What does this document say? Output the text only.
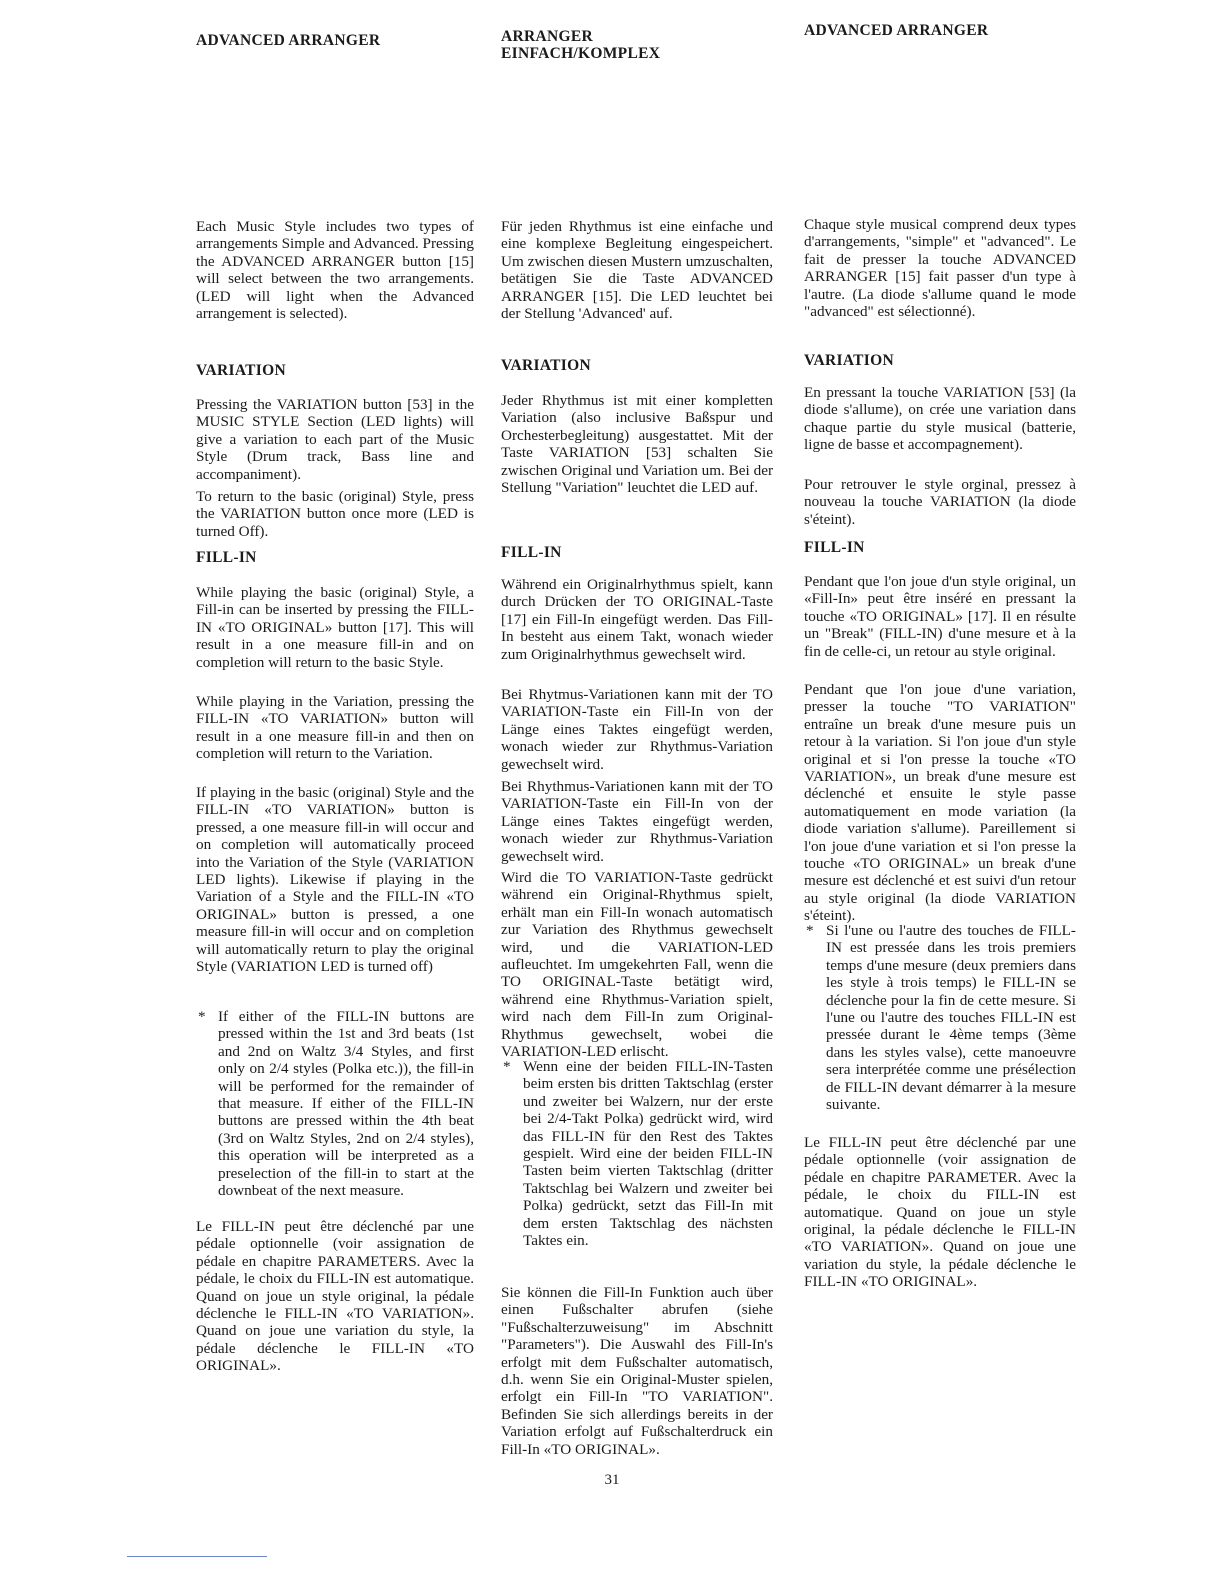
ADVANCED ARRANGER
Each Music Style includes two types of arrangements Simple and Advanced. Pressing the ADVANCED ARRANGER button [15] will select between the two arrangements. (LED will light when the Advanced arrangement is selected).
VARIATION
Pressing the VARIATION button [53] in the MUSIC STYLE Section (LED lights) will give a variation to each part of the Music Style (Drum track, Bass line and accompaniment).
To return to the basic (original) Style, press the VARIATION button once more (LED is turned Off).
FILL-IN
While playing the basic (original) Style, a Fill-in can be inserted by pressing the FILL-IN «TO ORIGINAL» button [17]. This will result in a one measure fill-in and on completion will return to the basic Style.
While playing in the Variation, pressing the FILL-IN «TO VARIATION» button will result in a one measure fill-in and then on completion will return to the Variation.
If playing in the basic (original) Style and the FILL-IN «TO VARIATION» button is pressed, a one measure fill-in will occur and on completion will automatically proceed into the Variation of the Style (VARIATION LED lights). Likewise if playing in the Variation of a Style and the FILL-IN «TO ORIGINAL» button is pressed, a one measure fill-in will occur and on completion will automatically return to play the original Style (VARIATION LED is turned off)
* If either of the FILL-IN buttons are pressed within the 1st and 3rd beats (1st and 2nd on Waltz 3/4 Styles, and first only on 2/4 styles (Polka etc.)), the fill-in will be performed for the remainder of that measure. If either of the FILL-IN buttons are pressed within the 4th beat (3rd on Waltz Styles, 2nd on 2/4 styles), this operation will be interpreted as a preselection of the fill-in to start at the downbeat of the next measure.
Le FILL-IN peut être déclenché par une pédale optionnelle (voir assignation de pédale en chapitre PARAMETERS. Avec la pédale, le choix du FILL-IN est automatique. Quand on joue un style original, la pédale déclenche le FILL-IN «TO VARIATION». Quand on joue une variation du style, la pédale déclenche le FILL-IN «TO ORIGINAL».
ARRANGER EINFACH/KOMPLEX
Für jeden Rhythmus ist eine einfache und eine komplexe Begleitung eingespeichert. Um zwischen diesen Mustern umzuschalten, betätigen Sie die Taste ADVANCED ARRANGER [15]. Die LED leuchtet bei der Stellung 'Advanced' auf.
VARIATION
Jeder Rhythmus ist mit einer kompletten Variation (also inclusive Baßspur und Orchesterbegleitung) ausgestattet. Mit der Taste VARIATION [53] schalten Sie zwischen Original und Variation um. Bei der Stellung "Variation" leuchtet die LED auf.
FILL-IN
Während ein Originalrhythmus spielt, kann durch Drücken der TO ORIGINAL-Taste [17] ein Fill-In eingefügt werden. Das Fill-In besteht aus einem Takt, wonach wieder zum Originalrhythmus gewechselt wird.
Bei Rhytmus-Variationen kann mit der TO VARIATION-Taste ein Fill-In von der Länge eines Taktes eingefügt werden, wonach wieder zur Rhythmus-Variation gewechselt wird.
Bei Rhythmus-Variationen kann mit der TO VARIATION-Taste ein Fill-In von der Länge eines Taktes eingefügt werden, wonach wieder zur Rhythmus-Variation gewechselt wird.
Wird die TO VARIATION-Taste gedrückt während ein Original-Rhythmus spielt, erhält man ein Fill-In wonach automatisch zur Variation des Rhythmus gewechselt wird, und die VARIATION-LED aufleuchtet. Im umgekehrten Fall, wenn die TO ORIGINAL-Taste betätigt wird, während eine Rhythmus-Variation spielt, wird nach dem Fill-In zum Original-Rhythmus gewechselt, wobei die VARIATION-LED erlischt.
* Wenn eine der beiden FILL-IN-Tasten beim ersten bis dritten Taktschlag (erster und zweiter bei Walzern, nur der erste bei 2/4-Takt Polka) gedrückt wird, wird das FILL-IN für den Rest des Taktes gespielt. Wird eine der beiden FILL-IN Tasten beim vierten Taktschlag (dritter Taktschlag bei Walzern und zweiter bei Polka) gedrückt, setzt das Fill-In mit dem ersten Taktschlag des nächsten Taktes ein.
Sie können die Fill-In Funktion auch über einen Fußschalter abrufen (siehe "Fußschalterzuweisung" im Abschnitt "Parameters"). Die Auswahl des Fill-In's erfolgt mit dem Fußschalter automatisch, d.h. wenn Sie ein Original-Muster spielen, erfolgt ein Fill-In "TO VARIATION". Befinden Sie sich allerdings bereits in der Variation erfolgt auf Fußschalterdruck ein Fill-In «TO ORIGINAL».
ADVANCED ARRANGER
Chaque style musical comprend deux types d'arrangements, "simple" et "advanced". Le fait de presser la touche ADVANCED ARRANGER [15] fait passer d'un type à l'autre. (La diode s'allume quand le mode "advanced" est sélectionné).
VARIATION
En pressant la touche VARIATION [53] (la diode s'allume), on crée une variation dans chaque partie du style musical (batterie, ligne de basse et accompagnement).
Pour retrouver le style orginal, pressez à nouveau la touche VARIATION (la diode s'éteint).
FILL-IN
Pendant que l'on joue d'un style original, un «Fill-In» peut être inséré en pressant la touche «TO ORIGINAL» [17]. Il en résulte un "Break" (FILL-IN) d'une mesure et à la fin de celle-ci, un retour au style original.
Pendant que l'on joue d'une variation, presser la touche "TO VARIATION" entraîne un break d'une mesure puis un retour à la variation. Si l'on joue d'un style original et si l'on presse la touche «TO VARIATION», un break d'une mesure est déclenché et ensuite le style passe automatiquement en mode variation (la diode variation s'allume). Pareillement si l'on joue d'une variation et si l'on presse la touche «TO ORIGINAL» un break d'une mesure est déclenché et est suivi d'un retour au style original (la diode VARIATION s'éteint).
* Si l'une ou l'autre des touches de FILL-IN est pressée dans les trois premiers temps d'une mesure (deux premiers dans les style à trois temps) le FILL-IN se déclenche pour la fin de cette mesure. Si l'une ou l'autre des touches FILL-IN est pressée durant le 4ème temps (3ème dans les styles valse), cette manoeuvre sera interprétée comme une présélection de FILL-IN devant démarrer à la mesure suivante.
Le FILL-IN peut être déclenché par une pédale optionnelle (voir assignation de pédale en chapitre PARAMETER. Avec la pédale, le choix du FILL-IN est automatique. Quand on joue un style original, la pédale déclenche le FILL-IN «TO VARIATION». Quand on joue une variation du style, la pédale déclenche le FILL-IN «TO ORIGINAL».
31
